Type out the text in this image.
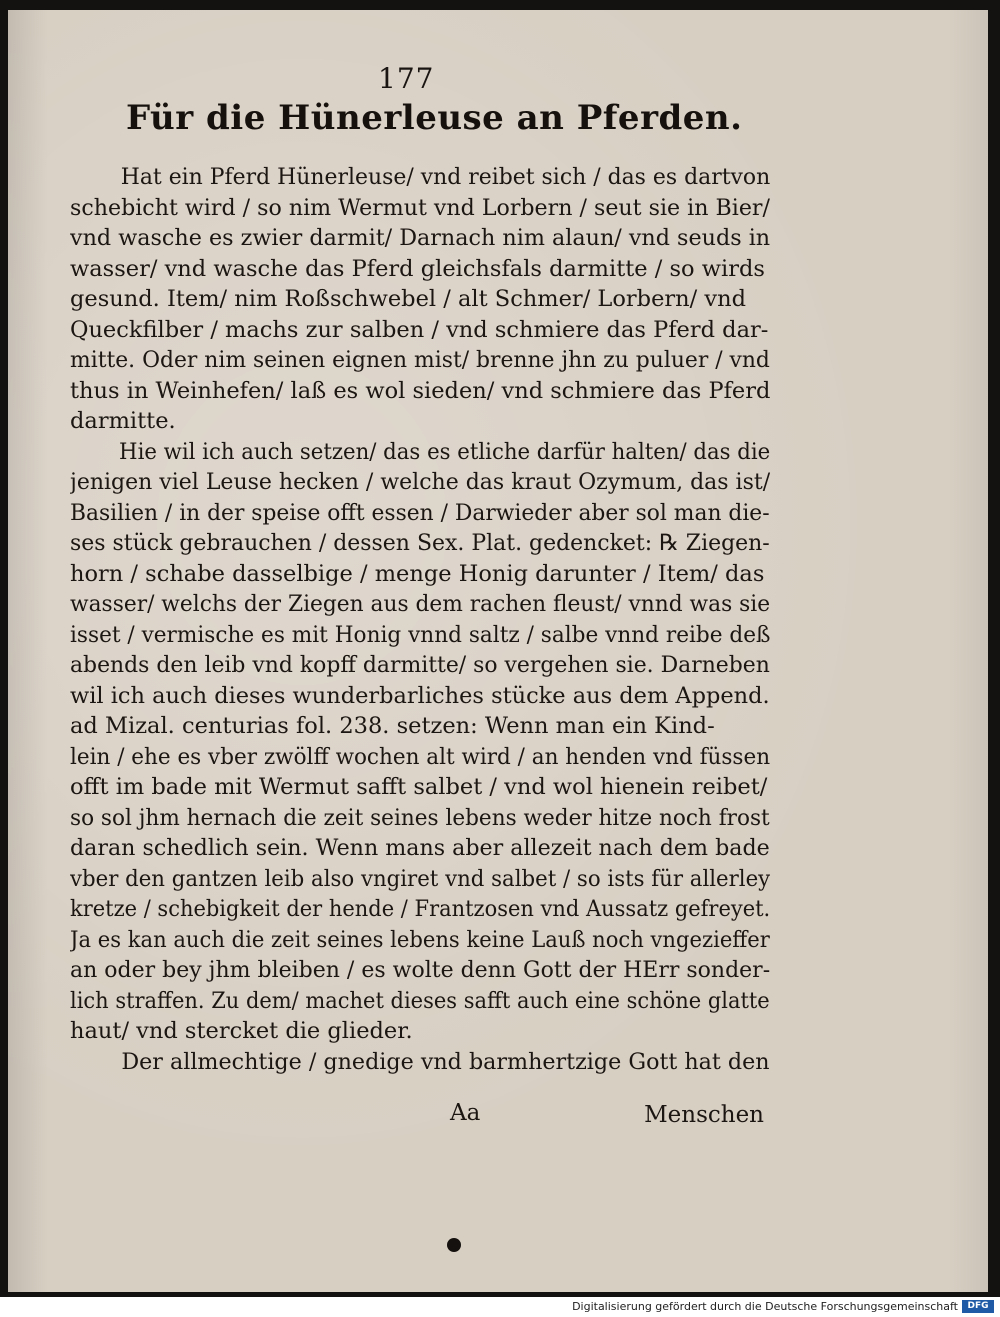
177
Für die Hünerleuse an Pferden.
Hat ein Pferd Hünerleuse/ vnd reibet sich / das es dartvon
schebicht wird / so nim Wermut vnd Lorbern / seut sie in Bier/
vnd wasche es zwier darmit/ Darnach nim alaun/ vnd seuds in
wasser/ vnd wasche das Pferd gleichsfals darmitte / so wirds
gesund. Item/ nim Roßschwebel / alt Schmer/ Lorbern/ vnd
Queckfilber / machs zur salben / vnd schmiere das Pferd dar-
mitte. Oder nim seinen eignen mist/ brenne jhn zu puluer / vnd
thus in Weinhefen/ laß es wol sieden/ vnd schmiere das Pferd
darmitte.
Hie wil ich auch setzen/ das es etliche darfür halten/ das die
jenigen viel Leuse hecken / welche das kraut Ozymum, das ist/
Basilien / in der speise offt essen / Darwieder aber sol man die-
ses stück gebrauchen / dessen Sex. Plat. gedencket: ℞ Ziegen-
horn / schabe dasselbige / menge Honig darunter / Item/ das
wasser/ welchs der Ziegen aus dem rachen fleust/ vnnd was sie
isset / vermische es mit Honig vnnd saltz / salbe vnnd reibe deß
abends den leib vnd kopff darmitte/ so vergehen sie. Darneben
wil ich auch dieses wunderbarliches stücke aus dem Append.
ad Mizal. centurias fol. 238. setzen: Wenn man ein Kind-
lein / ehe es vber zwölff wochen alt wird / an henden vnd füssen
offt im bade mit Wermut safft salbet / vnd wol hienein reibet/
so sol jhm hernach die zeit seines lebens weder hitze noch frost
daran schedlich sein. Wenn mans aber allezeit nach dem bade
vber den gantzen leib also vngiret vnd salbet / so ists für allerley
kretze / schebigkeit der hende / Frantzosen vnd Aussatz gefreyet.
Ja es kan auch die zeit seines lebens keine Lauß noch vngezieffer
an oder bey jhm bleiben / es wolte denn Gott der HErr sonder-
lich straffen. Zu dem/ machet dieses safft auch eine schöne glatte
haut/ vnd stercket die glieder.
Der allmechtige / gnedige vnd barmhertzige Gott hat den
Aa	Menschen
Digitalisierung gefördert durch die Deutsche Forschungsgemeinschaft	DFG
